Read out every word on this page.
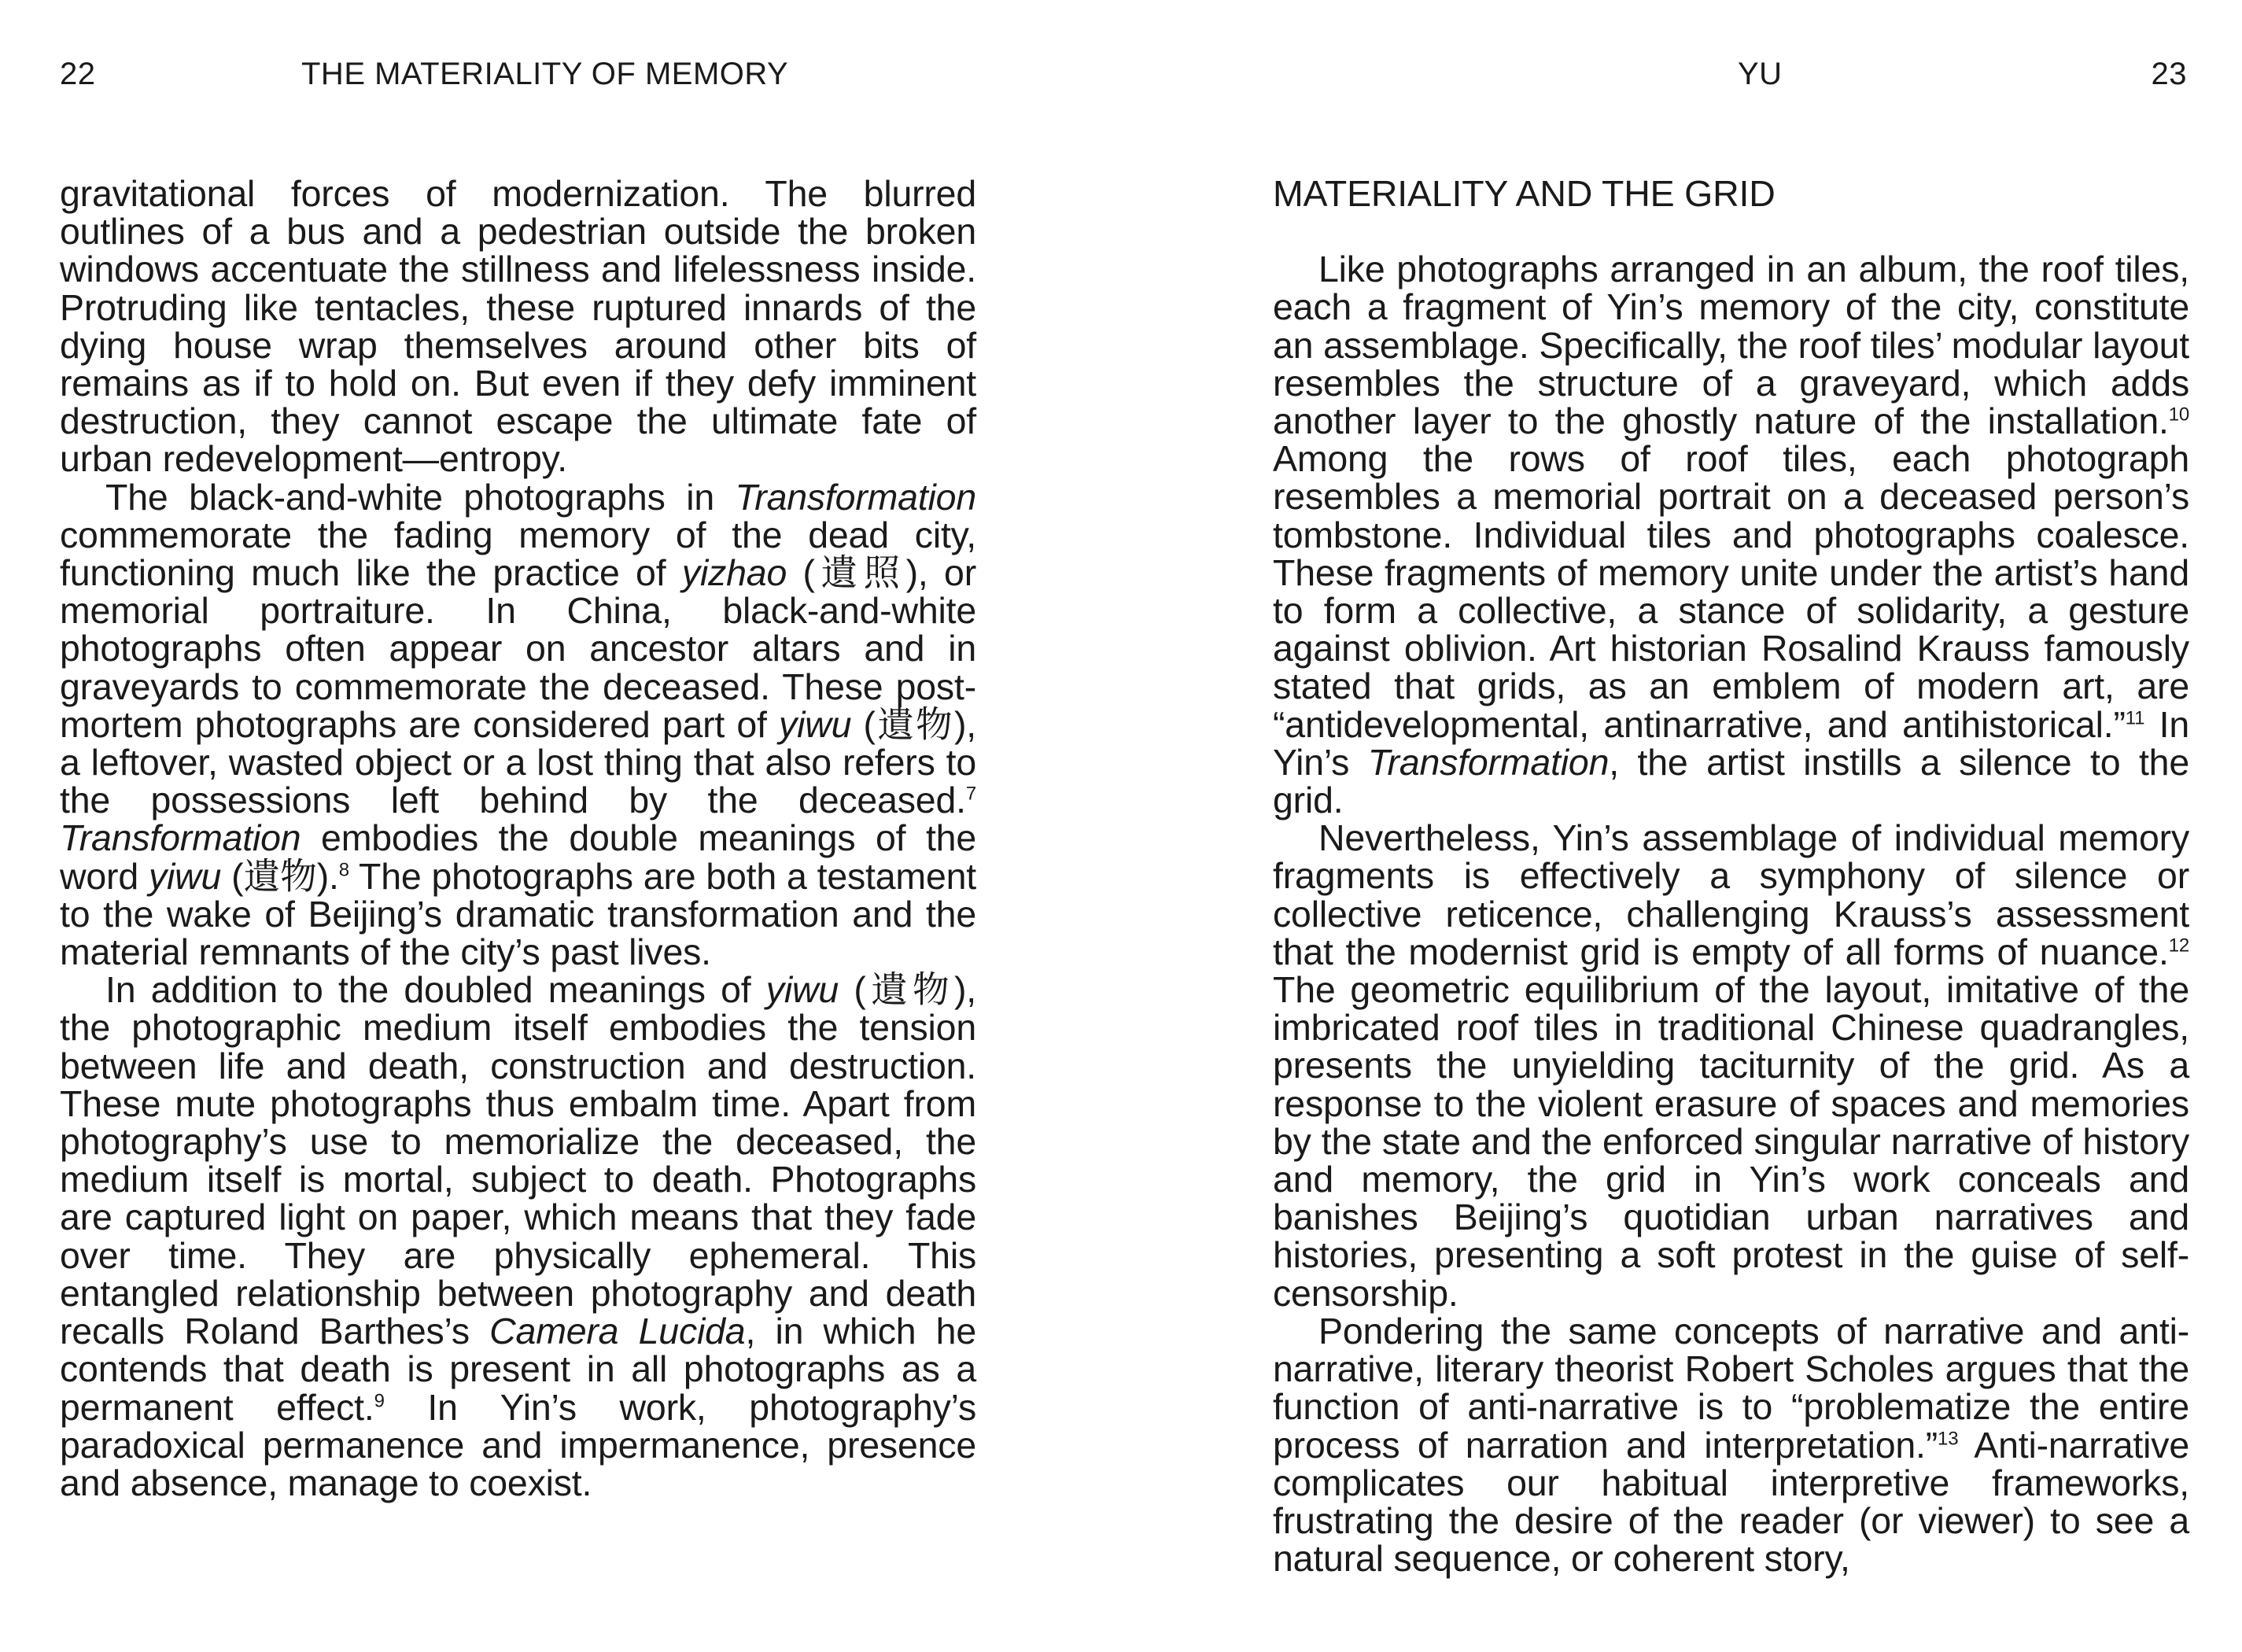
22	THE MATERIALITY OF MEMORY

gravitational forces of modernization. The blurred outlines of a bus and a pedestrian outside the broken windows accentuate the stillness and lifelessness inside. Protruding like tentacles, these ruptured innards of the dying house wrap themselves around other bits of remains as if to hold on. But even if they defy imminent destruction, they cannot escape the ultimate fate of urban redevelopment—entropy.

The black-and-white photographs in Transformation commemorate the fading memory of the dead city, functioning much like the practice of yizhao (遺照), or memorial portraiture. In China, black-and-white photographs often appear on ancestor altars and in graveyards to commemorate the deceased. These post-mortem photographs are considered part of yiwu (遺物), a leftover, wasted object or a lost thing that also refers to the possessions left behind by the deceased.$^7$ Transformation embodies the double meanings of the word yiwu (遺物).$^8$ The photographs are both a testament to the wake of Beijing’s dramatic transformation and the material remnants of the city’s past lives.

In addition to the doubled meanings of yiwu (遺物), the photographic medium itself embodies the tension between life and death, construction and destruction. These mute photographs thus embalm time. Apart from photography’s use to memorialize the deceased, the medium itself is mortal, subject to death. Photographs are captured light on paper, which means that they fade over time. They are physically ephemeral. This entangled relationship between photography and death recalls Roland Barthes’s Camera Lucida, in which he contends that death is present in all photographs as a permanent effect.$^9$ In Yin’s work, photography’s paradoxical permanence and impermanence, presence and absence, manage to coexist.

YU	23
MATERIALITY AND THE GRID

Like photographs arranged in an album, the roof tiles, each a fragment of Yin’s memory of the city, constitute an assemblage. Specifically, the roof tiles’ modular layout resembles the structure of a graveyard, which adds another layer to the ghostly nature of the installation.$^{10}$ Among the rows of roof tiles, each photograph resembles a memorial portrait on a deceased person’s tombstone. Individual tiles and photographs coalesce. These fragments of memory unite under the artist’s hand to form a collective, a stance of solidarity, a gesture against oblivion. Art historian Rosalind Krauss famously stated that grids, as an emblem of modern art, are “antidevelopmental, antinarrative, and antihistorical.”$^{11}$ In Yin’s Transformation, the artist instills a silence to the grid.

Nevertheless, Yin’s assemblage of individual memory fragments is effectively a symphony of silence or collective reticence, challenging Krauss’s assessment that the modernist grid is empty of all forms of nuance.$^{12}$ The geometric equilibrium of the layout, imitative of the imbricated roof tiles in traditional Chinese quadrangles, presents the unyielding taciturnity of the grid. As a response to the violent erasure of spaces and memories by the state and the enforced singular narrative of history and memory, the grid in Yin’s work conceals and banishes Beijing’s quotidian urban narratives and histories, presenting a soft protest in the guise of self-censorship.

Pondering the same concepts of narrative and anti-narrative, literary theorist Robert Scholes argues that the function of anti-narrative is to “problematize the entire process of narration and interpretation.”$^{13}$ Anti-narrative complicates our habitual interpretive frameworks, frustrating the desire of the reader (or viewer) to see a natural sequence, or coherent story,
